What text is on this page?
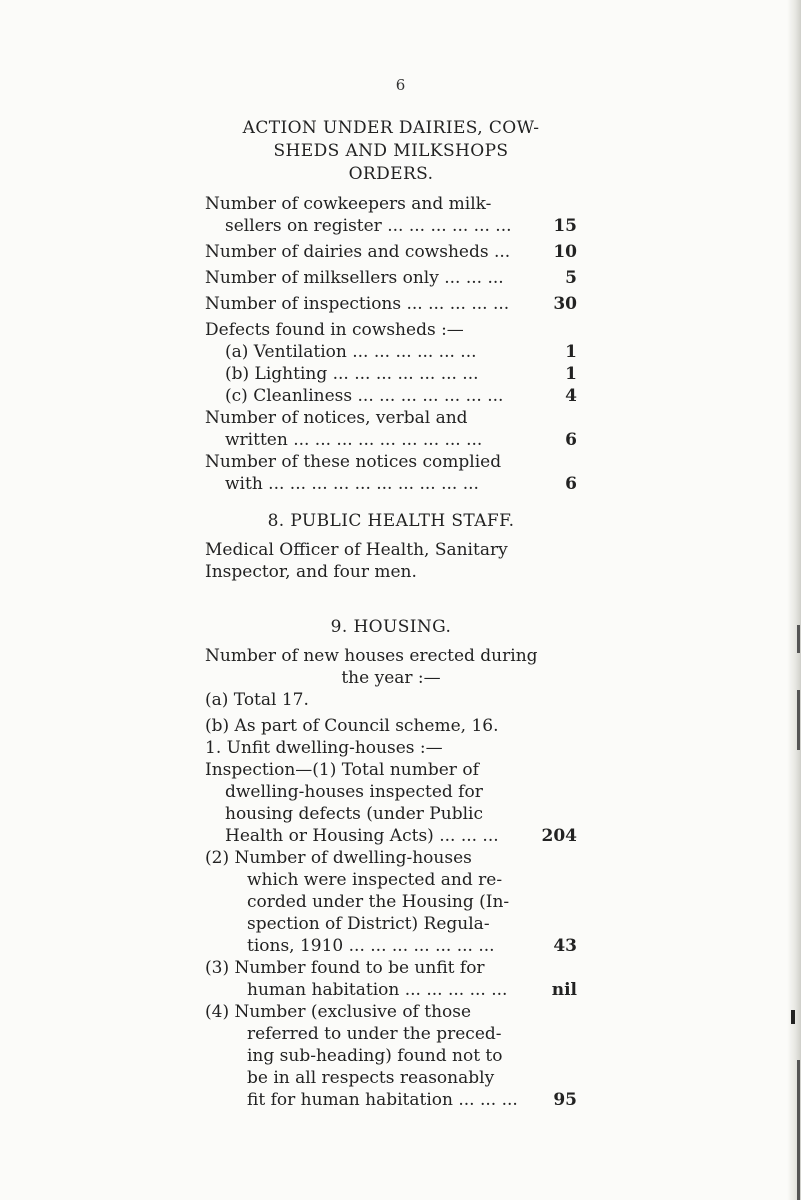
6
ACTION UNDER DAIRIES, COW-
SHEDS AND MILKSHOPS
ORDERS.
Number of cowkeepers and milk-
sellers on register ... ... ... ... ... ... 15
Number of dairies and cowsheds ...	10
Number of milksellers only ... ... ...	5
Number of inspections ... ... ... ... ...	30
Defects found in cowsheds :—
(a) Ventilation ... ... ... ... ... ...	1
(b) Lighting ... ... ... ... ... ... ...	1
(c) Cleanliness ... ... ... ... ... ... ...	4
Number of notices, verbal and
written ... ... ... ... ... ... ... ... ...	6
Number of these notices complied
with ... ... ... ... ... ... ... ... ... ...	6
8. PUBLIC HEALTH STAFF.
Medical Officer of Health, Sanitary
Inspector, and four men.
9. HOUSING.
Number of new houses erected during
the year :—
(a) Total 17.
(b) As part of Council scheme, 16.
1. Unfit dwelling-houses :—
Inspection—(1) Total number of
dwelling-houses inspected for
housing defects (under Public
Health or Housing Acts) ... ... ...	204
(2) Number of dwelling-houses
which were inspected and re-
corded under the Housing (In-
spection of District) Regula-
tions, 1910 ... ... ... ... ... ... ...	43
(3) Number found to be unfit for
human habitation ... ... ... ... ...	nil
(4) Number (exclusive of those
referred to under the preced-
ing sub-heading) found not to
be in all respects reasonably
fit for human habitation ... ... ... 95
